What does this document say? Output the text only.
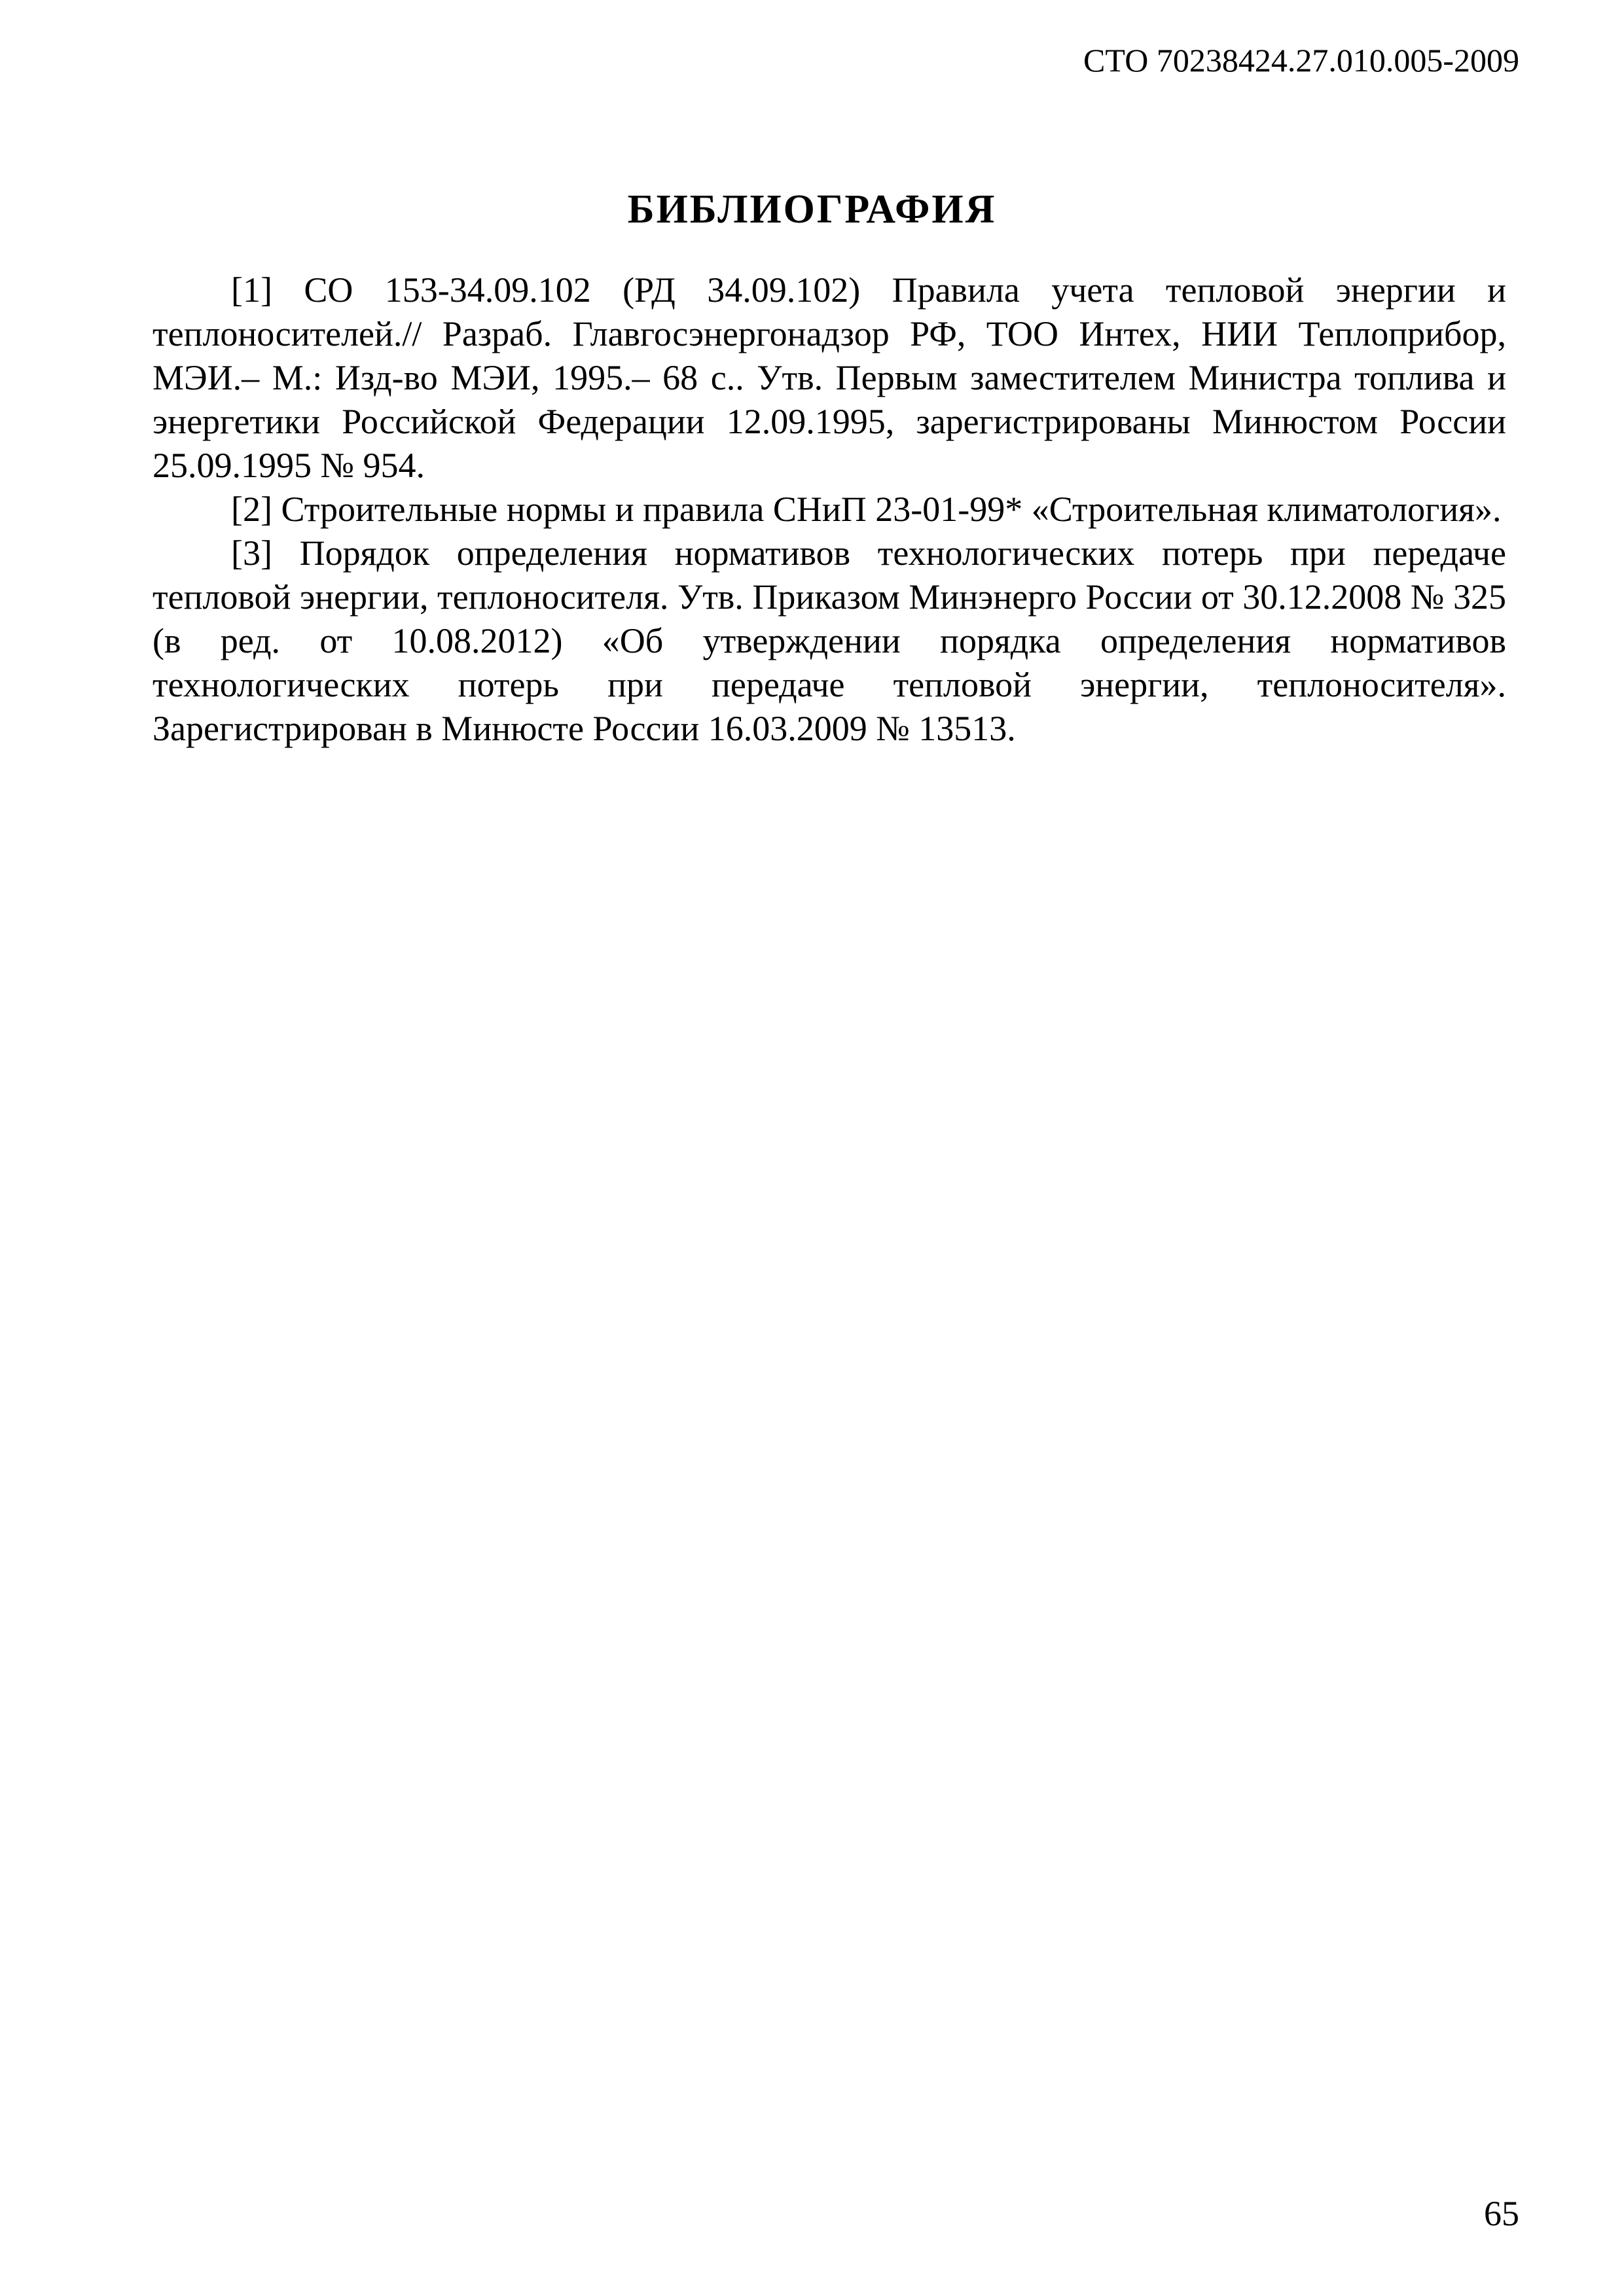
СТО 70238424.27.010.005-2009
БИБЛИОГРАФИЯ

[1] СО 153-34.09.102 (РД 34.09.102) Правила учета тепловой энергии и теплоносителей.// Разраб. Главгосэнергонадзор РФ, ТОО Интех, НИИ Теплоприбор, МЭИ.– М.: Изд-во МЭИ, 1995.– 68 с.. Утв. Первым заместителем Министра топлива и энергетики Российской Федерации 12.09.1995, зарегистрированы Минюстом России 25.09.1995 № 954.

[2] Строительные нормы и правила СНиП 23-01-99* «Строительная климатология».

[3] Порядок определения нормативов технологических потерь при передаче тепловой энергии, теплоносителя. Утв. Приказом Минэнерго России от 30.12.2008 № 325 (в ред. от 10.08.2012) «Об утверждении порядка определения нормативов технологических потерь при передаче тепловой энергии, теплоносителя». Зарегистрирован в Минюсте России 16.03.2009 № 13513.

65
